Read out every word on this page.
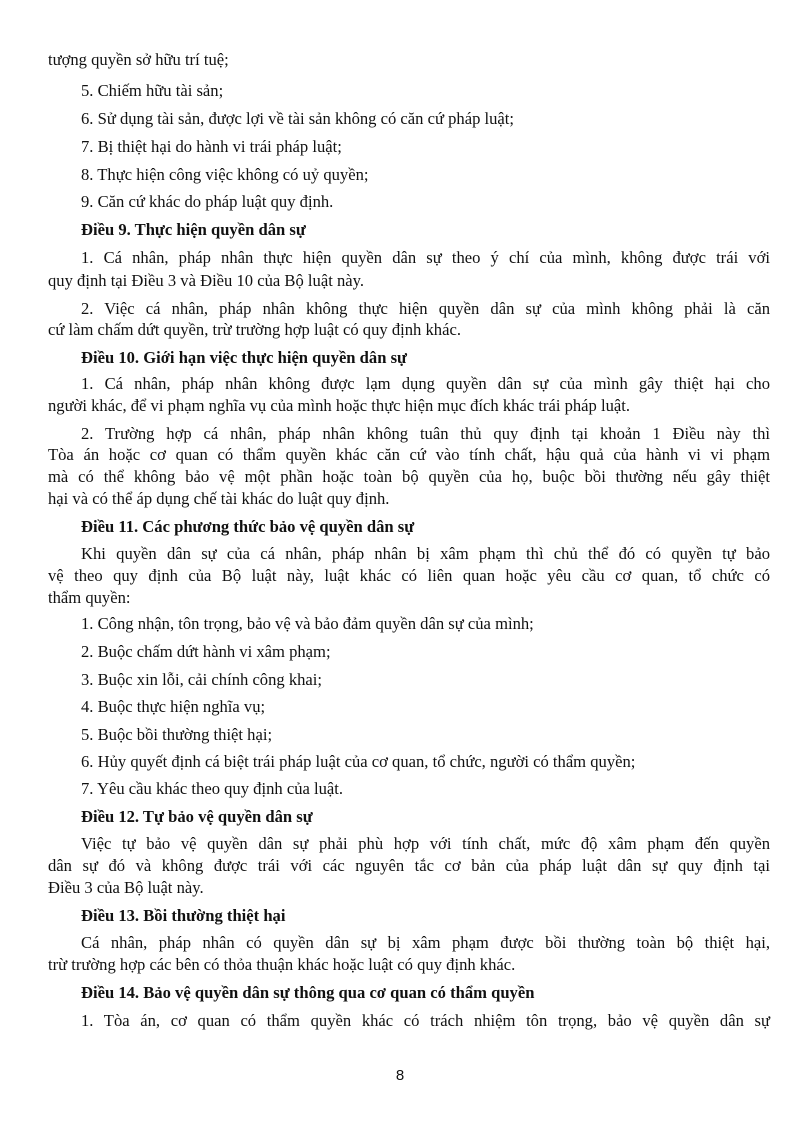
tượng quyền sở hữu trí tuệ;

5. Chiếm hữu tài sản;

6. Sử dụng tài sản, được lợi về tài sản không có căn cứ pháp luật;

7. Bị thiệt hại do hành vi trái pháp luật;

8. Thực hiện công việc không có uỷ quyền;

9. Căn cứ khác do pháp luật quy định.

Điều 9. Thực hiện quyền dân sự

1. Cá nhân, pháp nhân thực hiện quyền dân sự theo ý chí của mình, không được trái với

quy định tại Điều 3 và Điều 10 của Bộ luật này.

2. Việc cá nhân, pháp nhân không thực hiện quyền dân sự của mình không phải là căn

cứ làm chấm dứt quyền, trừ trường hợp luật có quy định khác.

Điều 10. Giới hạn việc thực hiện quyền dân sự

1. Cá nhân, pháp nhân không được lạm dụng quyền dân sự của mình gây thiệt hại cho

người khác, để vi phạm nghĩa vụ của mình hoặc thực hiện mục đích khác trái pháp luật.

2. Trường hợp cá nhân, pháp nhân không tuân thủ quy định tại khoản 1 Điều này thì

Tòa án hoặc cơ quan có thẩm quyền khác căn cứ vào tính chất, hậu quả của hành vi vi phạm

mà có thể không bảo vệ một phần hoặc toàn bộ quyền của họ, buộc bồi thường nếu gây thiệt

hại và có thể áp dụng chế tài khác do luật quy định.

Điều 11. Các phương thức bảo vệ quyền dân sự

Khi quyền dân sự của cá nhân, pháp nhân bị xâm phạm thì chủ thể đó có quyền tự bảo

vệ theo quy định của Bộ luật này, luật khác có liên quan hoặc yêu cầu cơ quan, tổ chức có

thẩm quyền:

1. Công nhận, tôn trọng, bảo vệ và bảo đảm quyền dân sự của mình;

2. Buộc chấm dứt hành vi xâm phạm;

3. Buộc xin lỗi, cải chính công khai;

4. Buộc thực hiện nghĩa vụ;

5. Buộc bồi thường thiệt hại;

6. Hủy quyết định cá biệt trái pháp luật của cơ quan, tổ chức, người có thẩm quyền;

7. Yêu cầu khác theo quy định của luật.

Điều 12. Tự bảo vệ quyền dân sự

Việc tự bảo vệ quyền dân sự phải phù hợp với tính chất, mức độ xâm phạm đến quyền

dân sự đó và không được trái với các nguyên tắc cơ bản của pháp luật dân sự quy định tại

Điều 3 của Bộ luật này.

Điều 13. Bồi thường thiệt hại

Cá nhân, pháp nhân có quyền dân sự bị xâm phạm được bồi thường toàn bộ thiệt hại,

trừ trường hợp các bên có thỏa thuận khác hoặc luật có quy định khác.

Điều 14. Bảo vệ quyền dân sự thông qua cơ quan có thẩm quyền

1. Tòa án, cơ quan có thẩm quyền khác có trách nhiệm tôn trọng, bảo vệ quyền dân sự

8
